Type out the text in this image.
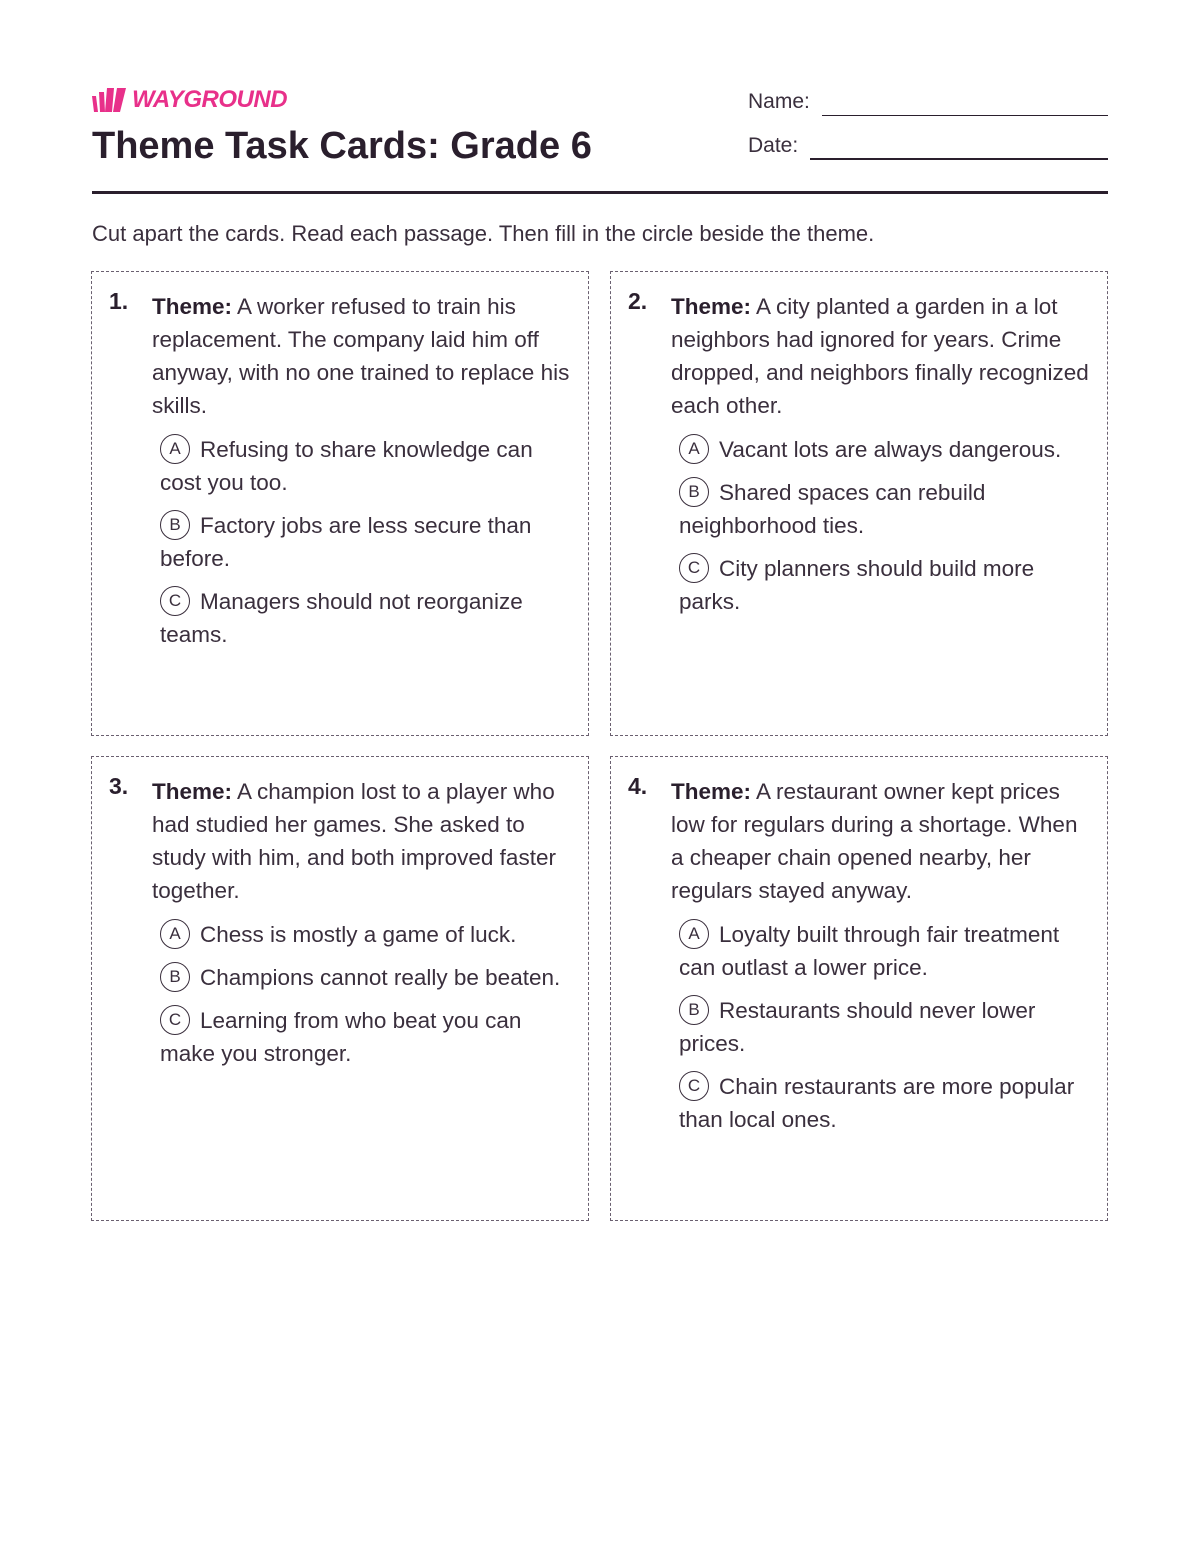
WAYGROUND
Theme Task Cards: Grade 6
Name:
Date:

Cut apart the cards. Read each passage. Then fill in the circle beside the theme.

1. Theme: A worker refused to train his replacement. The company laid him off anyway, with no one trained to replace his skills.

A Refusing to share knowledge can cost you too.
B Factory jobs are less secure than before.
C Managers should not reorganize teams.
2. Theme: A city planted a garden in a lot neighbors had ignored for years. Crime dropped, and neighbors finally recognized each other.

A Vacant lots are always dangerous.
B Shared spaces can rebuild neighborhood ties.
C City planners should build more parks.
3. Theme: A champion lost to a player who had studied her games. She asked to study with him, and both improved faster together.

A Chess is mostly a game of luck.
B Champions cannot really be beaten.
C Learning from who beat you can make you stronger.
4. Theme: A restaurant owner kept prices low for regulars during a shortage. When a cheaper chain opened nearby, her regulars stayed anyway.

A Loyalty built through fair treatment can outlast a lower price.
B Restaurants should never lower prices.
C Chain restaurants are more popular than local ones.
